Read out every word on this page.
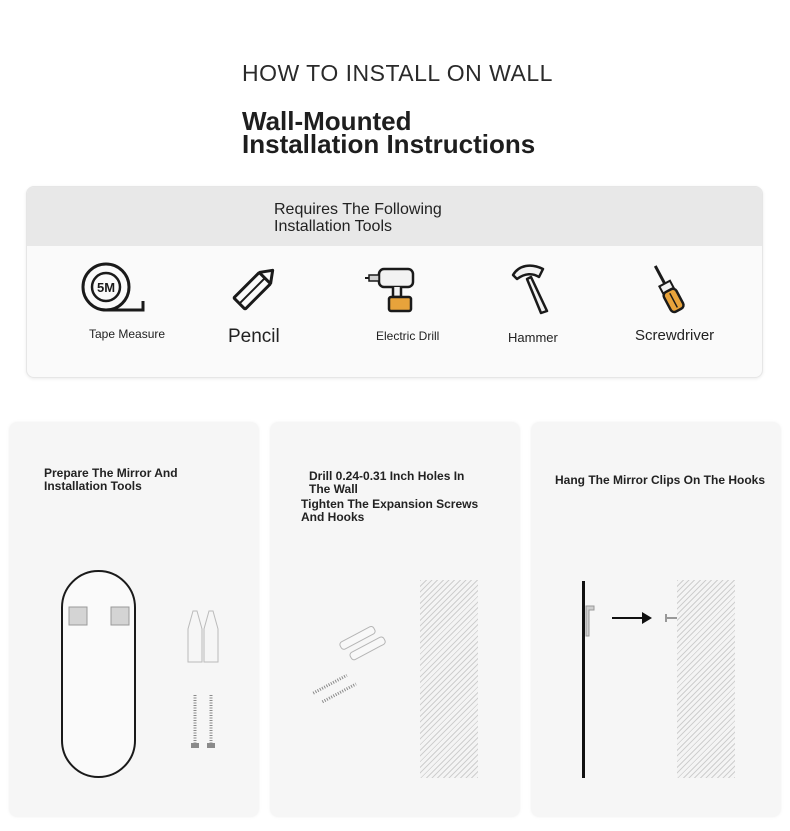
HOW TO INSTALL ON WALL
Wall-Mounted
Installation Instructions
Requires The Following
Installation Tools
5M
Tape Measure	Pencil	Electric Drill	Hammer	Screwdriver
Prepare The Mirror And
Installation Tools
Drill 0.24-0.31 Inch Holes In
The Wall
Tighten The Expansion Screws
And Hooks
Hang The Mirror Clips On The Hooks
